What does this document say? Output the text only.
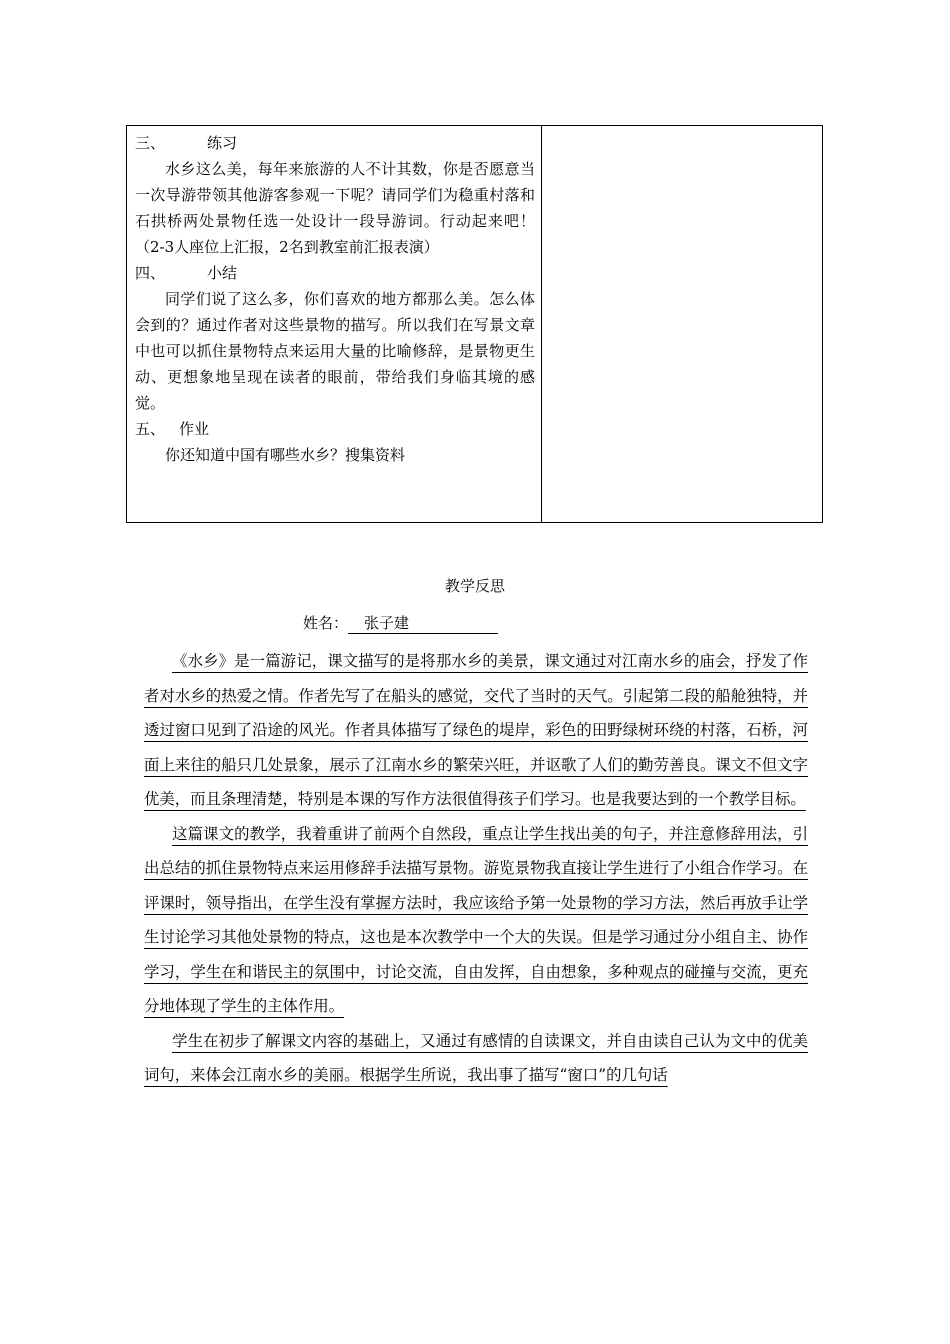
三、	练习

水乡这么美，每年来旅游的人不计其数，你是否愿意当一次导游带领其他游客参观一下呢？请同学们为稳重村落和石拱桥两处景物任选一处设计一段导游词。行动起来吧！（2-3人座位上汇报，2名到教室前汇报表演）

四、	小结

同学们说了这么多，你们喜欢的地方都那么美。怎么体会到的？通过作者对这些景物的描写。所以我们在写景文章中也可以抓住景物特点来运用大量的比喻修辞，是景物更生动、更想象地呈现在读者的眼前，带给我们身临其境的感觉。

五、 作业

你还知道中国有哪些水乡？搜集资料

教学反思
姓名： 张子建

《水乡》是一篇游记，课文描写的是将那水乡的美景，课文通过对江南水乡的庙会，抒发了作者对水乡的热爱之情。作者先写了在船头的感觉，交代了当时的天气。引起第二段的船舱独特，并透过窗口见到了沿途的风光。作者具体描写了绿色的堤岸，彩色的田野绿树环绕的村落，石桥，河面上来往的船只几处景象，展示了江南水乡的繁荣兴旺，并讴歌了人们的勤劳善良。课文不但文字优美，而且条理清楚，特别是本课的写作方法很值得孩子们学习。也是我要达到的一个教学目标。

这篇课文的教学，我着重讲了前两个自然段，重点让学生找出美的句子，并注意修辞用法，引出总结的抓住景物特点来运用修辞手法描写景物。游览景物我直接让学生进行了小组合作学习。在评课时，领导指出，在学生没有掌握方法时，我应该给予第一处景物的学习方法，然后再放手让学生讨论学习其他处景物的特点，这也是本次教学中一个大的失误。但是学习通过分小组自主、协作学习，学生在和谐民主的氛围中，讨论交流，自由发挥，自由想象，多种观点的碰撞与交流，更充分地体现了学生的主体作用。

学生在初步了解课文内容的基础上，又通过有感情的自读课文，并自由读自己认为文中的优美词句，来体会江南水乡的美丽。根据学生所说，我出事了描写“窗口”的几句话
